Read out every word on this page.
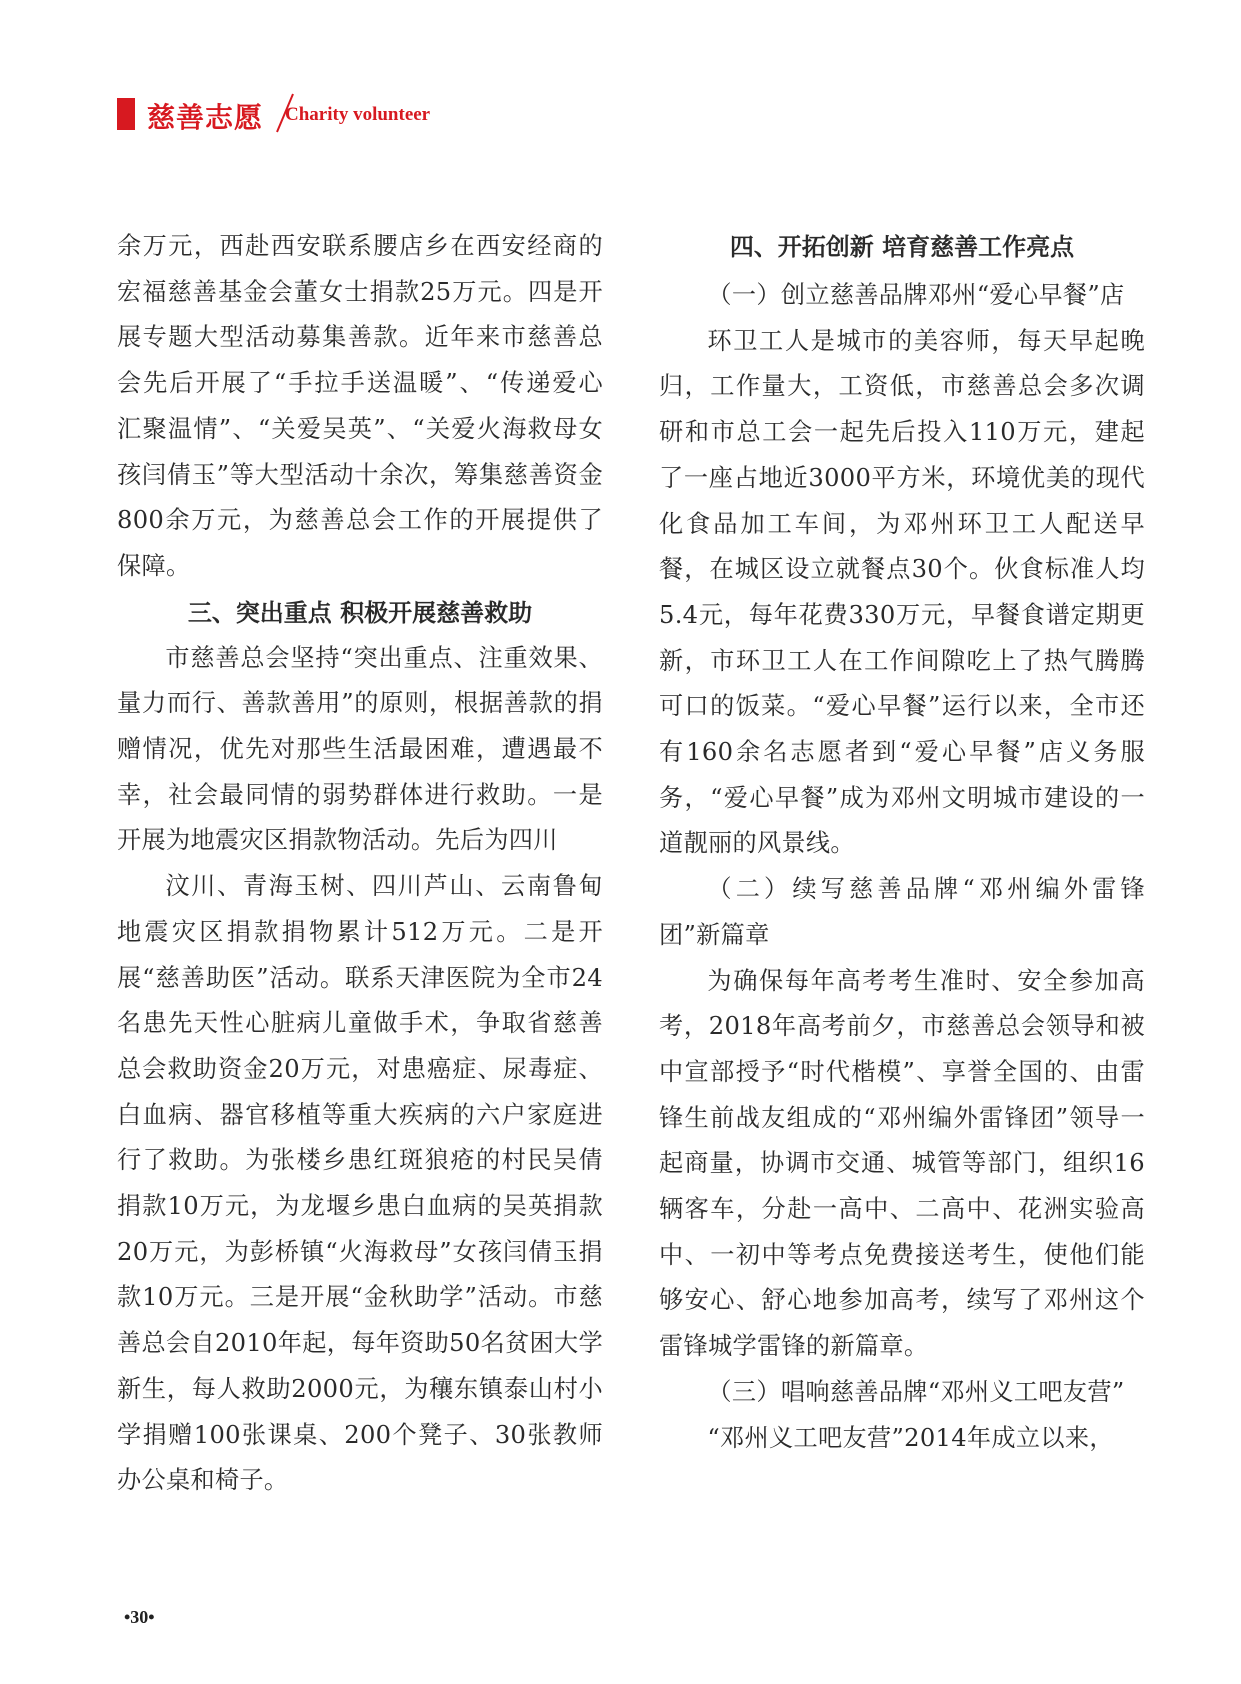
慈善志愿 Charity volunteer

余万元，西赴西安联系腰店乡在西安经商的宏福慈善基金会董女士捐款25万元。四是开展专题大型活动募集善款。近年来市慈善总会先后开展了“手拉手送温暖”、“传递爱心 汇聚温情”、“关爱吴英”、“关爱火海救母女孩闫倩玉”等大型活动十余次，筹集慈善资金800余万元，为慈善总会工作的开展提供了保障。

三、突出重点 积极开展慈善救助

市慈善总会坚持“突出重点、注重效果、量力而行、善款善用”的原则，根据善款的捐赠情况，优先对那些生活最困难，遭遇最不幸，社会最同情的弱势群体进行救助。一是开展为地震灾区捐款物活动。先后为四川

汶川、青海玉树、四川芦山、云南鲁甸地震灾区捐款捐物累计512万元。二是开展“慈善助医”活动。联系天津医院为全市24名患先天性心脏病儿童做手术，争取省慈善总会救助资金20万元，对患癌症、尿毒症、白血病、器官移植等重大疾病的六户家庭进行了救助。为张楼乡患红斑狼疮的村民吴倩捐款10万元，为龙堰乡患白血病的吴英捐款20万元，为彭桥镇“火海救母”女孩闫倩玉捐款10万元。三是开展“金秋助学”活动。市慈善总会自2010年起，每年资助50名贫困大学新生，每人救助2000元，为穰东镇泰山村小学捐赠100张课桌、200个凳子、30张教师办公桌和椅子。

四、开拓创新 培育慈善工作亮点

（一）创立慈善品牌邓州“爱心早餐”店

环卫工人是城市的美容师，每天早起晚归，工作量大，工资低，市慈善总会多次调研和市总工会一起先后投入110万元，建起了一座占地近3000平方米，环境优美的现代化食品加工车间，为邓州环卫工人配送早餐，在城区设立就餐点30个。伙食标准人均5.4元，每年花费330万元，早餐食谱定期更新，市环卫工人在工作间隙吃上了热气腾腾可口的饭菜。“爱心早餐”运行以来，全市还有160余名志愿者到“爱心早餐”店义务服务，“爱心早餐”成为邓州文明城市建设的一道靓丽的风景线。

（二）续写慈善品牌“邓州编外雷锋团”新篇章

为确保每年高考考生准时、安全参加高考，2018年高考前夕，市慈善总会领导和被中宣部授予“时代楷模”、享誉全国的、由雷锋生前战友组成的“邓州编外雷锋团”领导一起商量，协调市交通、城管等部门，组织16辆客车，分赴一高中、二高中、花洲实验高中、一初中等考点免费接送考生，使他们能够安心、舒心地参加高考，续写了邓州这个雷锋城学雷锋的新篇章。

（三）唱响慈善品牌“邓州义工吧友营”

“邓州义工吧友营”2014年成立以来，

•30•
